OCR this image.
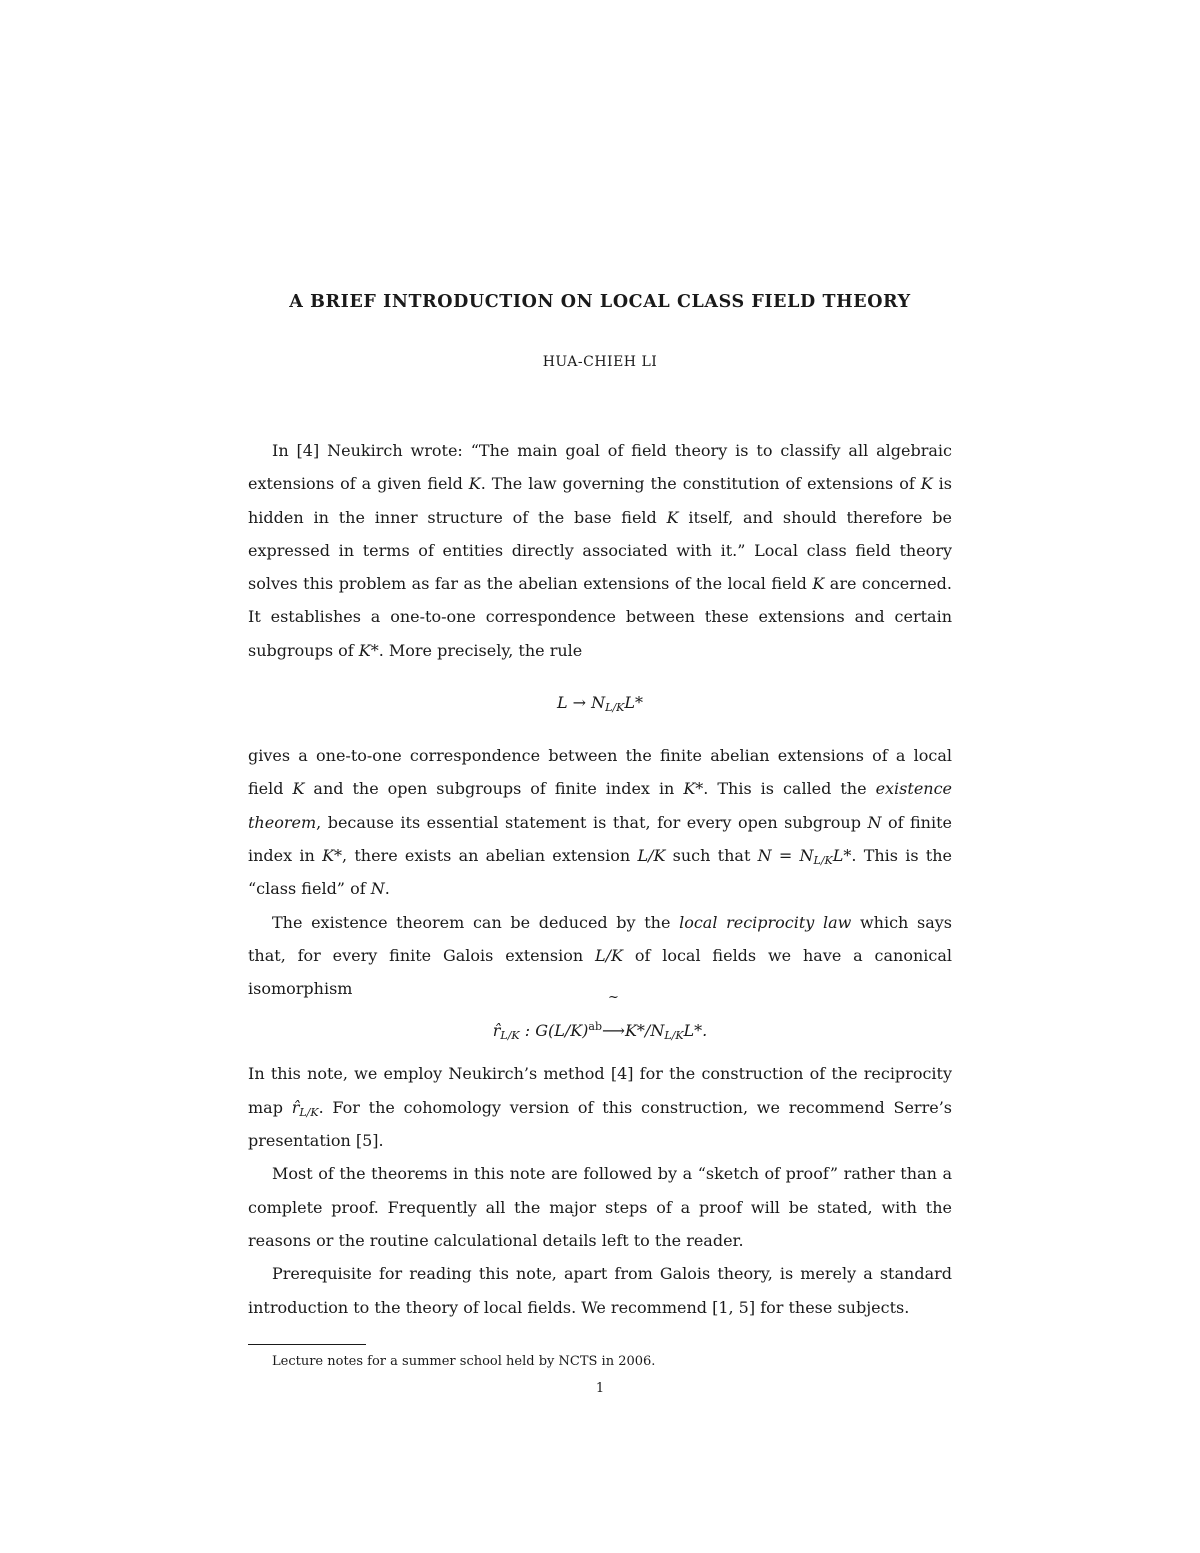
A BRIEF INTRODUCTION ON LOCAL CLASS FIELD THEORY
HUA-CHIEH LI

In [4] Neukirch wrote: “The main goal of field theory is to classify all algebraic extensions of a given field K. The law governing the constitution of extensions of K is hidden in the inner structure of the base field K itself, and should therefore be expressed in terms of entities directly associated with it.” Local class field theory solves this problem as far as the abelian extensions of the local field K are concerned. It establishes a one-to-one correspondence between these extensions and certain subgroups of K*. More precisely, the rule

$L \to N_{L/K}L*$

gives a one-to-one correspondence between the finite abelian extensions of a local field K and the open subgroups of finite index in K*. This is called the existence theorem, because its essential statement is that, for every open subgroup N of finite index in K*, there exists an abelian extension L/K such that $N = N_{L/K}L*$. This is the “class field” of N.

The existence theorem can be deduced by the local reciprocity law which says that, for every finite Galois extension L/K of local fields we have a canonical isomorphism

$r̂_{L/K}$ : $G(L/K)^{ab}⟶$
~
$K*/N_{L/K}L*$.

In this note, we employ Neukirch’s method [4] for the construction of the reciprocity map $r̂_{L/K}$. For the cohomology version of this construction, we recommend Serre’s presentation [5].

Most of the theorems in this note are followed by a “sketch of proof” rather than a complete proof. Frequently all the major steps of a proof will be stated, with the reasons or the routine calculational details left to the reader.

Prerequisite for reading this note, apart from Galois theory, is merely a standard introduction to the theory of local fields. We recommend [1, 5] for these subjects.

Lecture notes for a summer school held by NCTS in 2006.
1
